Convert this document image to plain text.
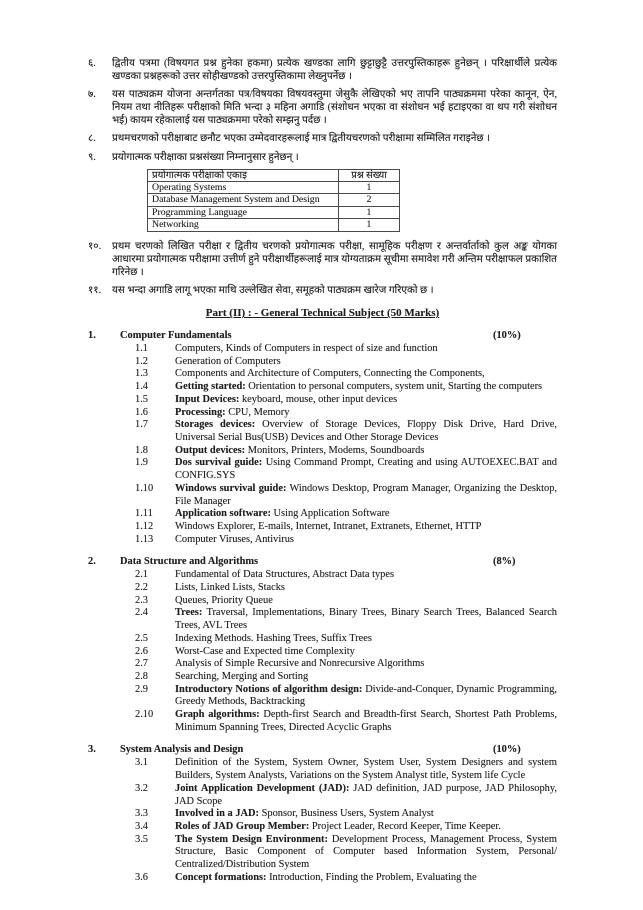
६.	द्वितीय पत्रमा (विषयगत प्रश्न हुनेका हकमा) प्रत्येक खण्डका लागि छुट्टाछुट्टै उत्तरपुस्तिकाहरू हुनेछन् । परिक्षार्थीले प्रत्येक खण्डका प्रश्नहरूको उत्तर सोहीखण्डको उत्तरपुस्तिकामा लेख्नुपर्नेछ ।
७.	यस पाठ्यक्रम योजना अन्तर्गतका पत्र/विषयका विषयवस्तुमा जेसुकै लेखिएको भए तापनि पाठ्यक्रममा परेका कानून, ऐन, नियम तथा नीतिहरू परीक्षाको मिति भन्दा ३ महिना अगाडि (संशोधन भएका वा संशोधन भई हटाइएका वा थप गरी संशोधन भई) कायम रहेकालाई यस पाठ्यक्रममा परेको सम्झनु पर्दछ ।
८.	प्रथमचरणको परीक्षाबाट छनौट भएका उम्मेदवारहरूलाई मात्र द्वितीयचरणको परीक्षामा सम्मिलित गराइनेछ ।
९.	प्रयोगात्मक परीक्षाका प्रश्नसंख्या निम्नानुसार हुनेछन् ।
प्रयोगात्मक परीक्षाको एकाइ	प्रश्न संख्या
Operating Systems	1
Database Management System and Design	2
Programming Language	1
Networking	1
१०.	प्रथम चरणको लिखित परीक्षा र द्वितीय चरणको प्रयोगात्मक परीक्षा, सामूहिक परीक्षण र अन्तर्वार्ताको कुल अङ्क योगका आधारमा प्रयोगात्मक परीक्षामा उत्तीर्ण हुने परीक्षार्थीहरूलाई मात्र योग्यताक्रम सूचीमा समावेश गरी अन्तिम परीक्षाफल प्रकाशित गरिनेछ ।
११.	यस भन्दा अगाडि लागू भएका माथि उल्लेखित सेवा, समूहको पाठ्यक्रम खारेज गरिएको छ ।
Part (II) : - General Technical Subject (50 Marks)
1.	Computer Fundamentals	(10%)
1.1	Computers, Kinds of Computers in respect of size and function
1.2	Generation of Computers
1.3	Components and Architecture of Computers, Connecting the Components,
1.4	Getting started: Orientation to personal computers, system unit, Starting the computers
1.5	Input Devices: keyboard, mouse, other input devices
1.6	Processing: CPU, Memory
1.7	Storages devices: Overview of Storage Devices, Floppy Disk Drive, Hard Drive, Universal Serial Bus(USB) Devices and Other Storage Devices
1.8	Output devices: Monitors, Printers, Modems, Soundboards
1.9	Dos survival guide: Using Command Prompt, Creating and using AUTOEXEC.BAT and CONFIG.SYS
1.10	Windows survival guide: Windows Desktop, Program Manager, Organizing the Desktop, File Manager
1.11	Application software: Using Application Software
1.12	Windows Explorer, E-mails, Internet, Intranet, Extranets, Ethernet, HTTP
1.13	Computer Viruses, Antivirus
2.	Data Structure and Algorithms	(8%)
2.1	Fundamental of Data Structures, Abstract Data types
2.2	Lists, Linked Lists, Stacks
2.3	Queues, Priority Queue
2.4	Trees: Traversal, Implementations, Binary Trees, Binary Search Trees, Balanced Search Trees, AVL Trees
2.5	Indexing Methods. Hashing Trees, Suffix Trees
2.6	Worst-Case and Expected time Complexity
2.7	Analysis of Simple Recursive and Nonrecursive Algorithms
2.8	Searching, Merging and Sorting
2.9	Introductory Notions of algorithm design: Divide-and-Conquer, Dynamic Programming, Greedy Methods, Backtracking
2.10	Graph algorithms: Depth-first Search and Breadth-first Search, Shortest Path Problems, Minimum Spanning Trees, Directed Acyclic Graphs
3.	System Analysis and Design	(10%)
3.1	Definition of the System, System Owner, System User, System Designers and system Builders, System Analysts, Variations on the System Analyst title, System life Cycle
3.2	Joint Application Development (JAD): JAD definition, JAD purpose, JAD Philosophy, JAD Scope
3.3	Involved in a JAD: Sponsor, Business Users, System Analyst
3.4	Roles of JAD Group Member: Project Leader, Record Keeper, Time Keeper.
3.5	The System Design Environment: Development Process, Management Process, System Structure, Basic Component of Computer based Information System, Personal/ Centralized/Distribution System
3.6	Concept formations: Introduction, Finding the Problem, Evaluating the
